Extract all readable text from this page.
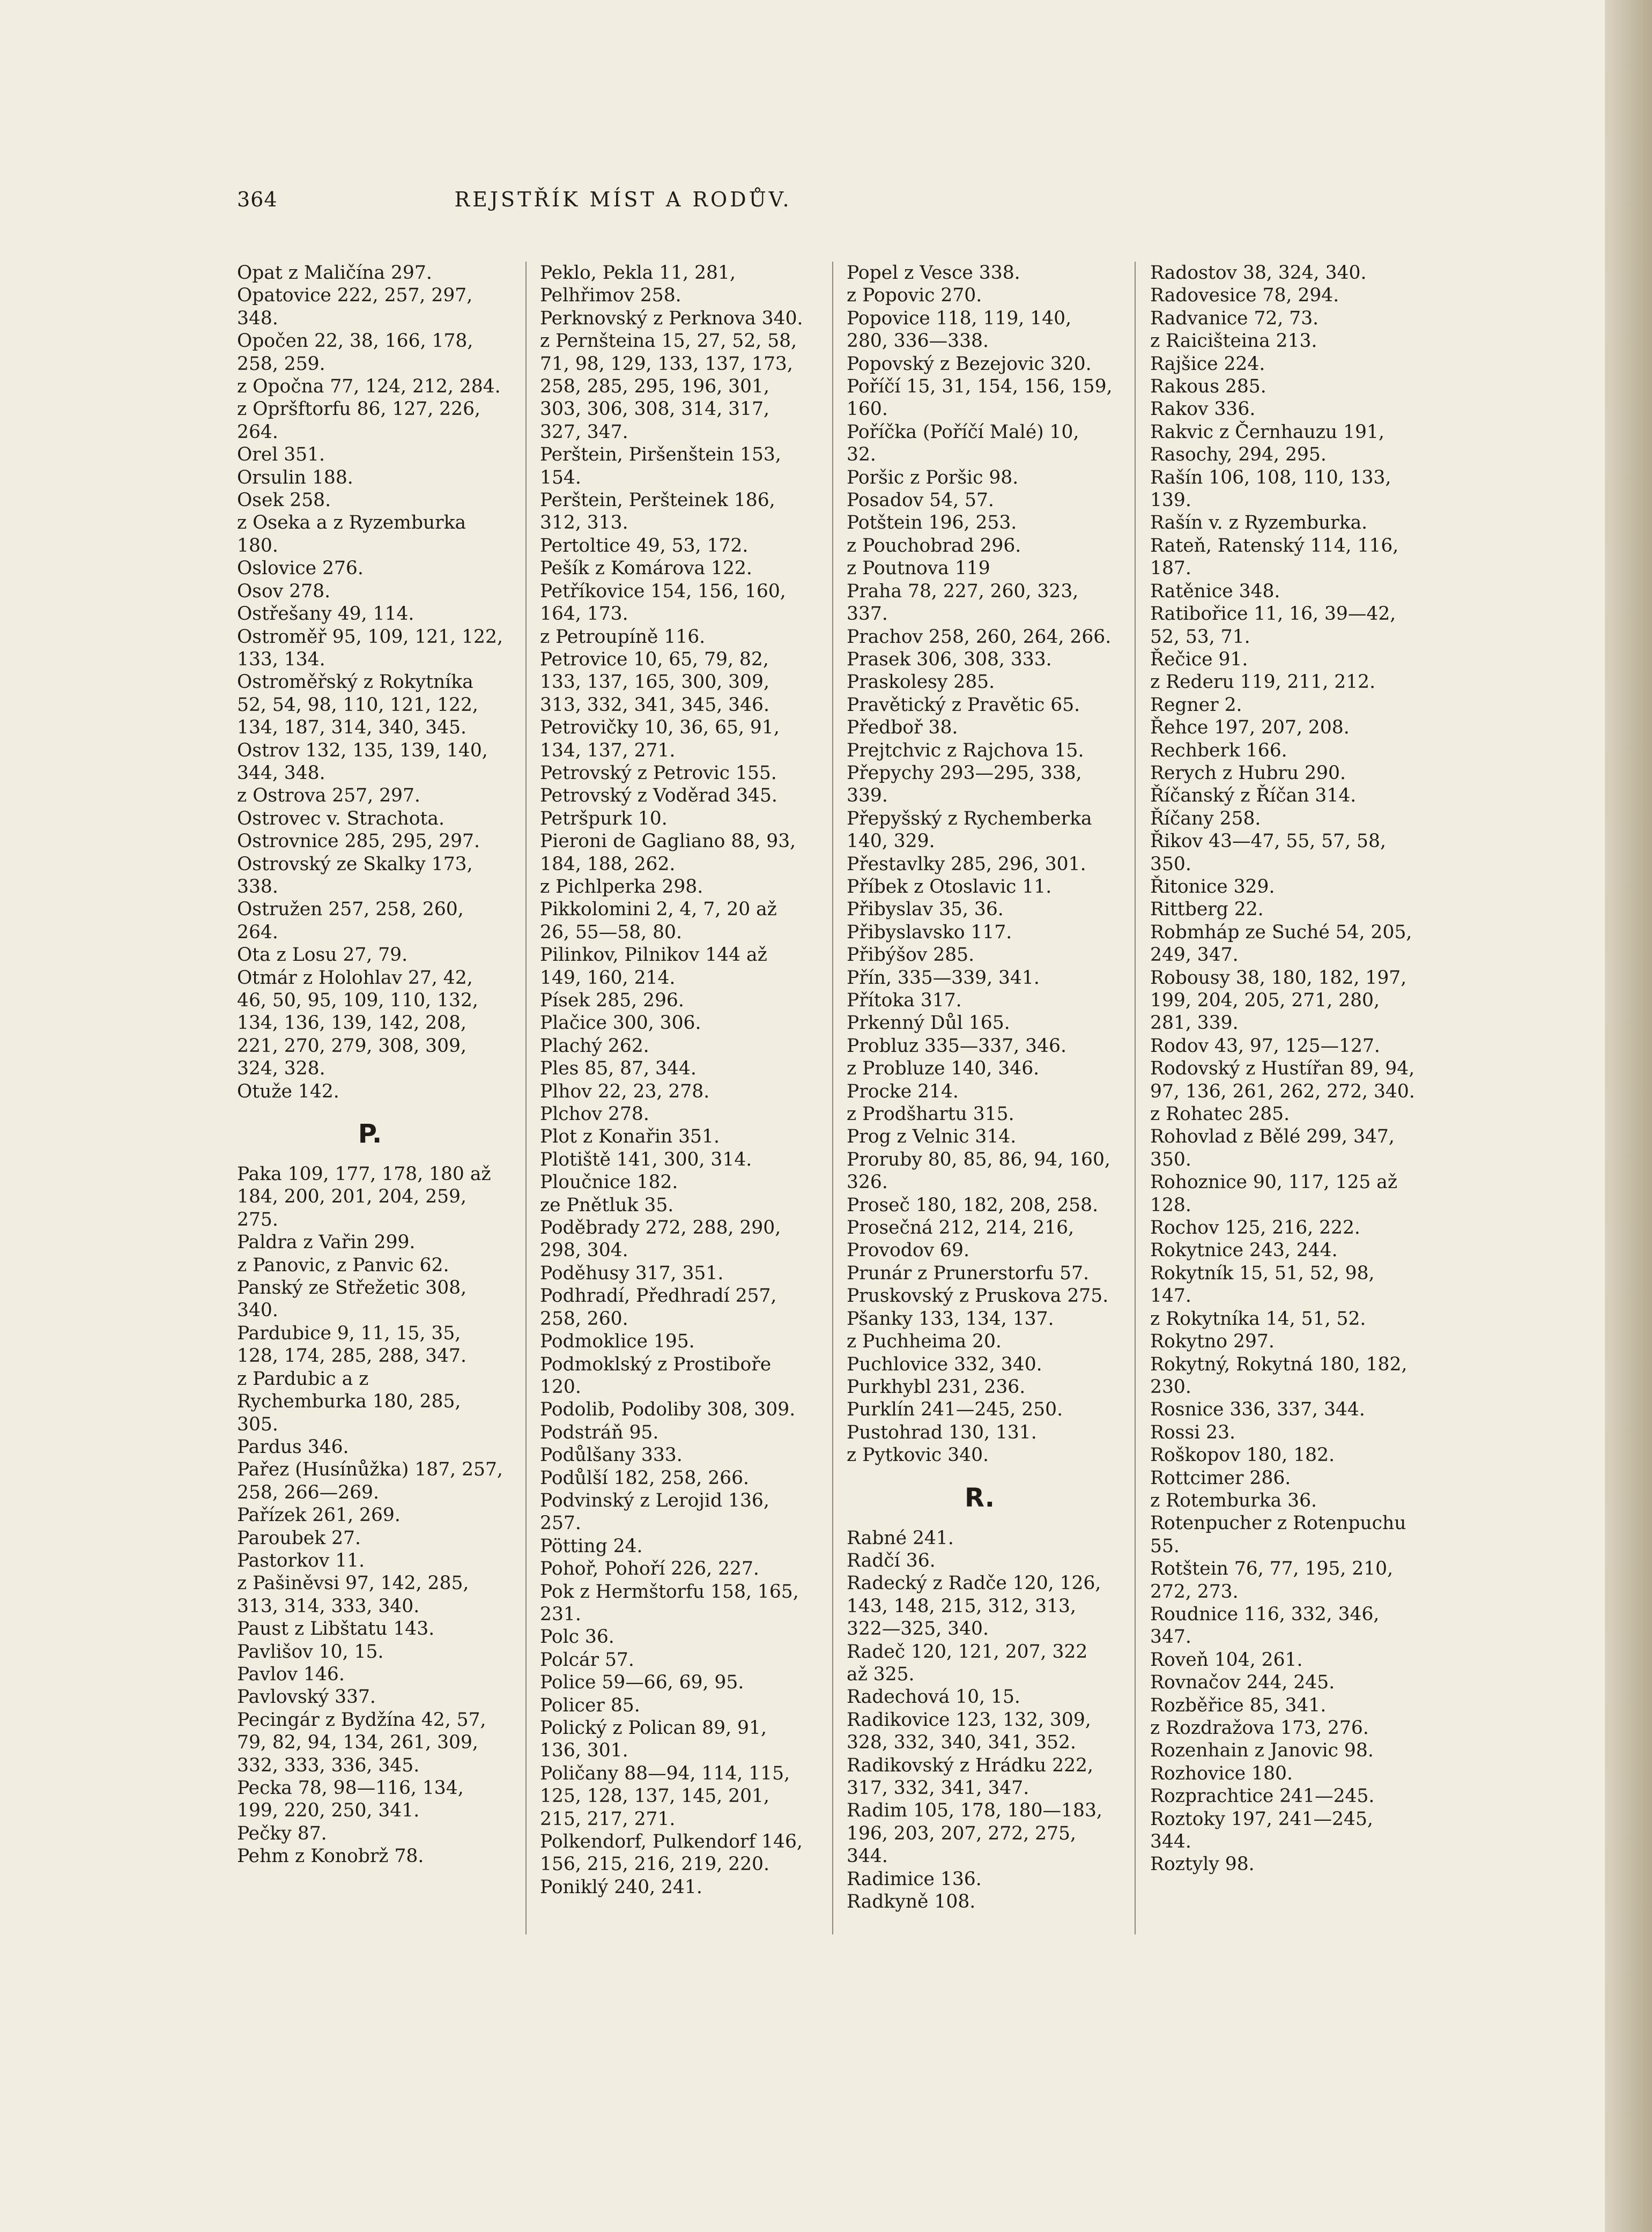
364	REJSTŘÍK MÍST A RODŮV.

Opat z Maličína 297.

Opatovice 222, 257, 297, 348.

Opočen 22, 38, 166, 178, 258, 259.

z Opočna 77, 124, 212, 284.

z Opršftorfu 86, 127, 226, 264.

Orel 351.

Orsulin 188.

Osek 258.

z Oseka a z Ryzemburka 180.

Oslovice 276.

Osov 278.

Ostřešany 49, 114.

Ostroměř 95, 109, 121, 122, 133, 134.

Ostroměřský z Rokytníka 52, 54, 98, 110, 121, 122, 134, 187, 314, 340, 345.

Ostrov 132, 135, 139, 140, 344, 348.

z Ostrova 257, 297.

Ostrovec v. Strachota.

Ostrovnice 285, 295, 297.

Ostrovský ze Skalky 173, 338.

Ostružen 257, 258, 260, 264.

Ota z Losu 27, 79.

Otmár z Holohlav 27, 42, 46, 50, 95, 109, 110, 132, 134, 136, 139, 142, 208, 221, 270, 279, 308, 309, 324, 328.

Otuže 142.

P.

Paka 109, 177, 178, 180 až 184, 200, 201, 204, 259, 275.

Paldra z Vařin 299.

z Panovic, z Panvic 62.

Panský ze Střežetic 308, 340.

Pardubice 9, 11, 15, 35, 128, 174, 285, 288, 347.

z Pardubic a z Rychemburka 180, 285, 305.

Pardus 346.

Pařez (Husínůžka) 187, 257, 258, 266—269.

Pařízek 261, 269.

Paroubek 27.

Pastorkov 11.

z Pašiněvsi 97, 142, 285, 313, 314, 333, 340.

Paust z Libštatu 143.

Pavlišov 10, 15.

Pavlov 146.

Pavlovský 337.

Pecingár z Bydžína 42, 57, 79, 82, 94, 134, 261, 309, 332, 333, 336, 345.

Pecka 78, 98—116, 134, 199, 220, 250, 341.

Pečky 87.

Pehm z Konobrž 78.

Peklo, Pekla 11, 281,

Pelhřimov 258.

Perknovský z Perknova 340.

z Pernšteina 15, 27, 52, 58, 71, 98, 129, 133, 137, 173, 258, 285, 295, 196, 301, 303, 306, 308, 314, 317, 327, 347.

Perštein, Piršenštein 153, 154.

Perštein, Peršteinek 186, 312, 313.

Pertoltice 49, 53, 172.

Pešík z Komárova 122.

Petříkovice 154, 156, 160, 164, 173.

z Petroupíně 116.

Petrovice 10, 65, 79, 82, 133, 137, 165, 300, 309, 313, 332, 341, 345, 346.

Petrovičky 10, 36, 65, 91, 134, 137, 271.

Petrovský z Petrovic 155.

Petrovský z Voděrad 345.

Petršpurk 10.

Pieroni de Gagliano 88, 93, 184, 188, 262.

z Pichlperka 298.

Pikkolomini 2, 4, 7, 20 až 26, 55—58, 80.

Pilinkov, Pilnikov 144 až 149, 160, 214.

Písek 285, 296.

Plačice 300, 306.

Plachý 262.

Ples 85, 87, 344.

Plhov 22, 23, 278.

Plchov 278.

Plot z Konařin 351.

Plotiště 141, 300, 314.

Ploučnice 182.

ze Pnětluk 35.

Poděbrady 272, 288, 290, 298, 304.

Poděhusy 317, 351.

Podhradí, Předhradí 257, 258, 260.

Podmoklice 195.

Podmoklský z Prostiboře 120.

Podolib, Podoliby 308, 309.

Podstráň 95.

Podůlšany 333.

Podůlší 182, 258, 266.

Podvinský z Lerojid 136, 257.

Pötting 24.

Pohoř, Pohoří 226, 227.

Pok z Hermštorfu 158, 165, 231.

Polc 36.

Polcár 57.

Police 59—66, 69, 95.

Policer 85.

Polický z Polican 89, 91, 136, 301.

Poličany 88—94, 114, 115, 125, 128, 137, 145, 201, 215, 217, 271.

Polkendorf, Pulkendorf 146, 156, 215, 216, 219, 220.

Poniklý 240, 241.

Popel z Vesce 338.

z Popovic 270.

Popovice 118, 119, 140, 280, 336—338.

Popovský z Bezejovic 320.

Poříčí 15, 31, 154, 156, 159, 160.

Poříčka (Poříčí Malé) 10, 32.

Poršic z Poršic 98.

Posadov 54, 57.

Potštein 196, 253.

z Pouchobrad 296.

z Poutnova 119

Praha 78, 227, 260, 323, 337.

Prachov 258, 260, 264, 266.

Prasek 306, 308, 333.

Praskolesy 285.

Pravětický z Pravětic 65.

Předboř 38.

Prejtchvic z Rajchova 15.

Přepychy 293—295, 338, 339.

Přepyšský z Rychemberka 140, 329.

Přestavlky 285, 296, 301.

Příbek z Otoslavic 11.

Přibyslav 35, 36.

Přibyslavsko 117.

Přibýšov 285.

Přín, 335—339, 341.

Přítoka 317.

Prkenný Důl 165.

Probluz 335—337, 346.

z Probluze 140, 346.

Procke 214.

z Prodšhartu 315.

Prog z Velnic 314.

Proruby 80, 85, 86, 94, 160, 326.

Proseč 180, 182, 208, 258.

Prosečná 212, 214, 216,

Provodov 69.

Prunár z Prunerstorfu 57.

Pruskovský z Pruskova 275.

Pšanky 133, 134, 137.

z Puchheima 20.

Puchlovice 332, 340.

Purkhybl 231, 236.

Purklín 241—245, 250.

Pustohrad 130, 131.

z Pytkovic 340.

R.

Rabné 241.

Radčí 36.

Radecký z Radče 120, 126, 143, 148, 215, 312, 313, 322—325, 340.

Radeč 120, 121, 207, 322 až 325.

Radechová 10, 15.

Radikovice 123, 132, 309, 328, 332, 340, 341, 352.

Radikovský z Hrádku 222, 317, 332, 341, 347.

Radim 105, 178, 180—183, 196, 203, 207, 272, 275, 344.

Radimice 136.

Radkyně 108.

Radostov 38, 324, 340.

Radovesice 78, 294.

Radvanice 72, 73.

z Raicišteina 213.

Rajšice 224.

Rakous 285.

Rakov 336.

Rakvic z Černhauzu 191,

Rasochy, 294, 295.

Rašín 106, 108, 110, 133, 139.

Rašín v. z Ryzemburka.

Rateň, Ratenský 114, 116, 187.

Ratěnice 348.

Ratibořice 11, 16, 39—42, 52, 53, 71.

Řečice 91.

z Rederu 119, 211, 212.

Regner 2.

Řehce 197, 207, 208.

Rechberk 166.

Rerych z Hubru 290.

Říčanský z Říčan 314.

Říčany 258.

Řikov 43—47, 55, 57, 58, 350.

Řitonice 329.

Rittberg 22.

Robmháp ze Suché 54, 205, 249, 347.

Robousy 38, 180, 182, 197, 199, 204, 205, 271, 280, 281, 339.

Rodov 43, 97, 125—127.

Rodovský z Hustířan 89, 94, 97, 136, 261, 262, 272, 340.

z Rohatec 285.

Rohovlad z Bělé 299, 347, 350.

Rohoznice 90, 117, 125 až 128.

Rochov 125, 216, 222.

Rokytnice 243, 244.

Rokytník 15, 51, 52, 98, 147.

z Rokytníka 14, 51, 52.

Rokytno 297.

Rokytný, Rokytná 180, 182, 230.

Rosnice 336, 337, 344.

Rossi 23.

Roškopov 180, 182.

Rottcimer 286.

z Rotemburka 36.

Rotenpucher z Rotenpuchu 55.

Rotštein 76, 77, 195, 210, 272, 273.

Roudnice 116, 332, 346, 347.

Roveň 104, 261.

Rovnačov 244, 245.

Rozběřice 85, 341.

z Rozdražova 173, 276.

Rozenhain z Janovic 98.

Rozhovice 180.

Rozprachtice 241—245.

Roztoky 197, 241—245, 344.

Roztyly 98.
